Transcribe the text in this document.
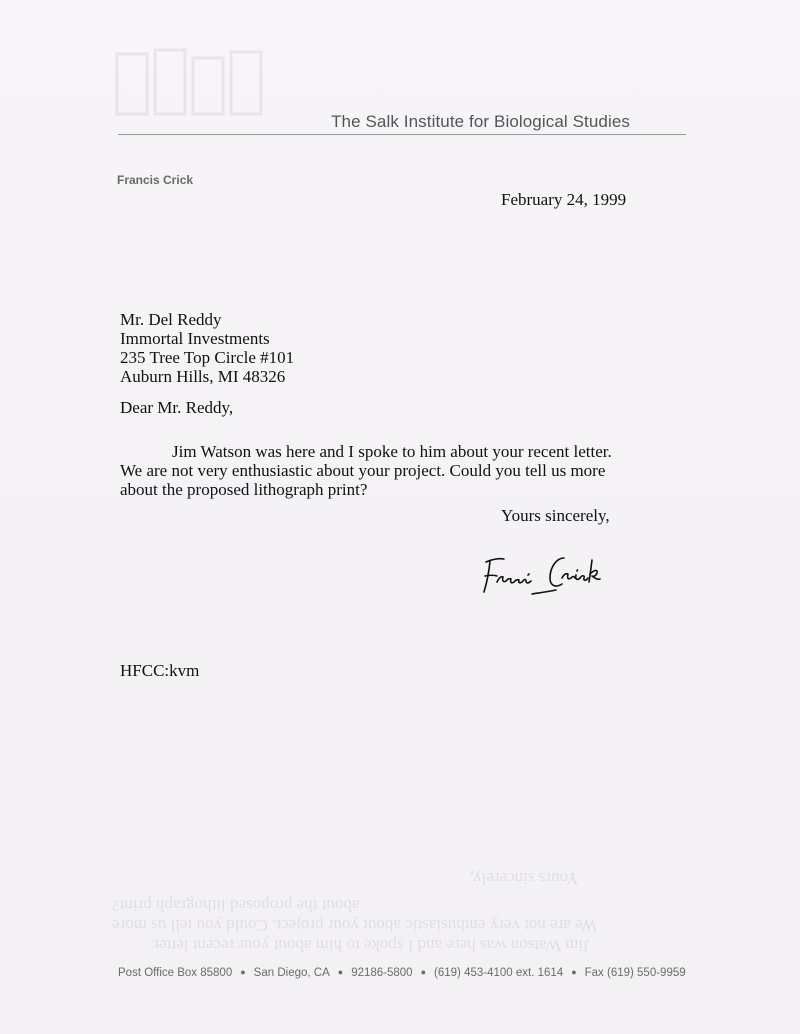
The Salk Institute for Biological Studies
Francis Crick
February 24, 1999
Mr. Del Reddy
Immortal Investments
235 Tree Top Circle #101
Auburn Hills, MI 48326
Dear Mr. Reddy,
Jim Watson was here and I spoke to him about your recent letter.
We are not very enthusiastic about your project. Could you tell us more
about the proposed lithograph print?
Yours sincerely,
HFCC:kvm
Yours sincerely,
about the proposed lithograph print?
We are not very enthusiastic about your project. Could you tell us more
Jim Watson was here and I spoke to him about your recent letter.
Post Office Box 85800 ● San Diego, CA ● 92186-5800 ● (619) 453-4100 ext. 1614 ● Fax (619) 550-9959
